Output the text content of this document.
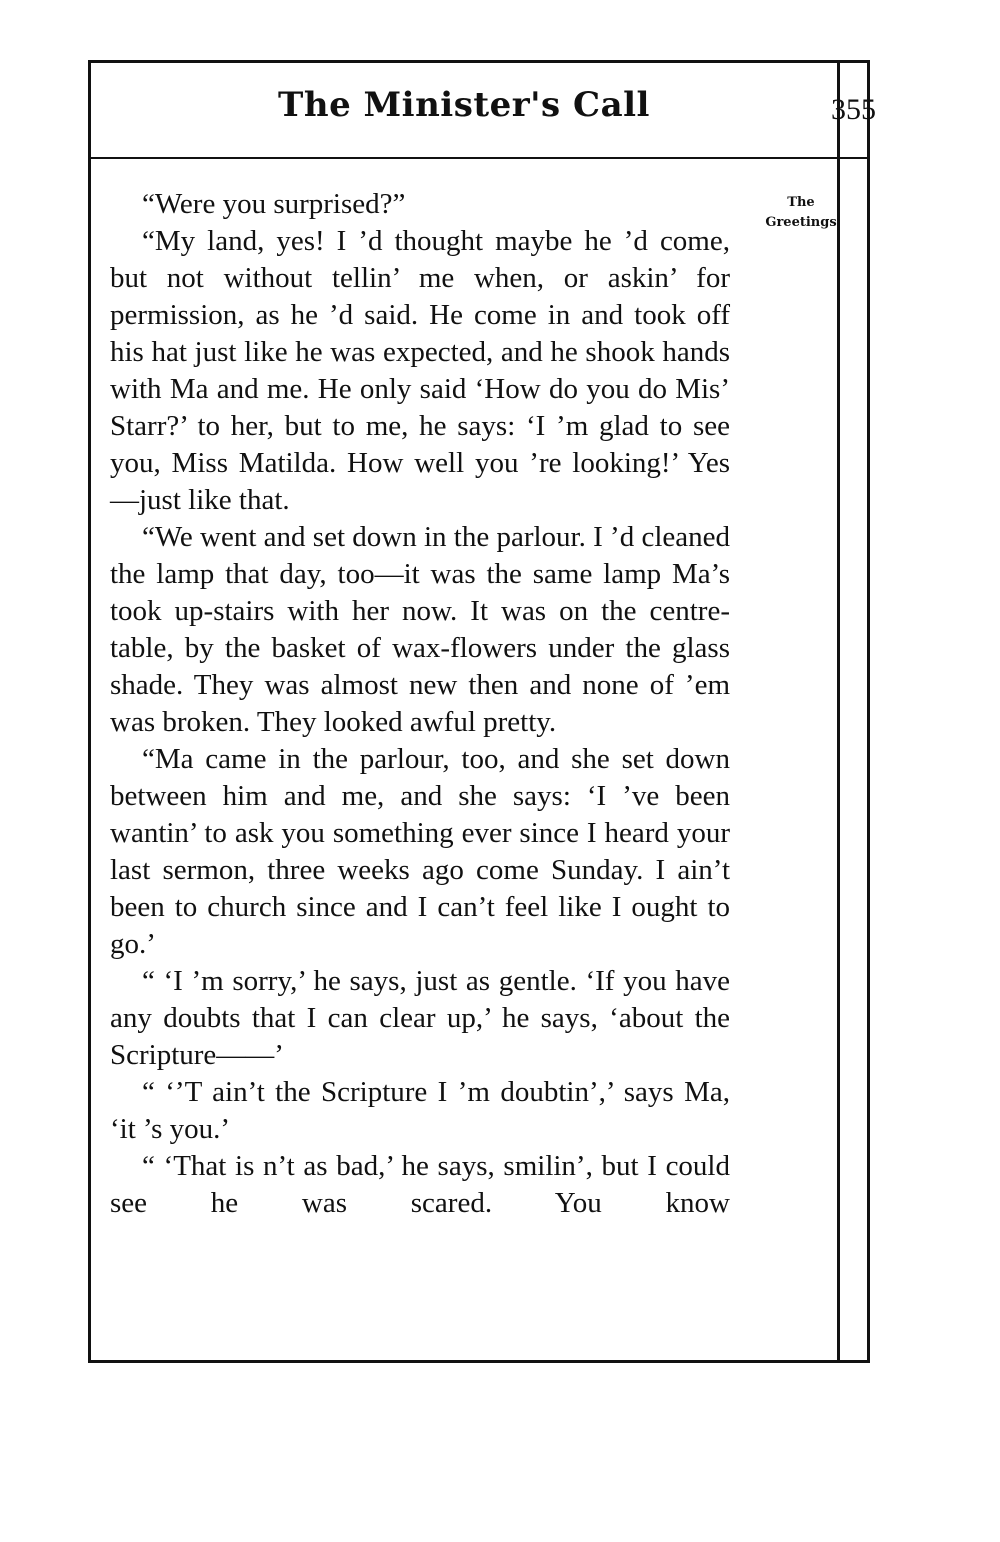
The Minister's Call	355

“Were you surprised?”

“My land, yes! I ’d thought maybe he ’d come, but not without tellin’ me when, or askin’ for permission, as he ’d said. He come in and took off his hat just like he was expected, and he shook hands with Ma and me. He only said ‘How do you do Mis’ Starr?’ to her, but to me, he says: ‘I ’m glad to see you, Miss Matilda. How well you ’re looking!’ Yes—just like that.

“We went and set down in the parlour. I ’d cleaned the lamp that day, too—it was the same lamp Ma’s took up-stairs with her now. It was on the centre-table, by the basket of wax-flowers under the glass shade. They was almost new then and none of ’em was broken. They looked awful pretty.

“Ma came in the parlour, too, and she set down between him and me, and she says: ‘I ’ve been wantin’ to ask you something ever since I heard your last sermon, three weeks ago come Sunday. I ain’t been to church since and I can’t feel like I ought to go.’

“ ‘I ’m sorry,’ he says, just as gentle. ‘If you have any doubts that I can clear up,’ he says, ‘about the Scripture——’

“ ‘’T ain’t the Scripture I ’m doubtin’,’ says Ma, ‘it ’s you.’

“ ‘That is n’t as bad,’ he says, smilin’, but I could see he was scared. You know

The
Greetings
